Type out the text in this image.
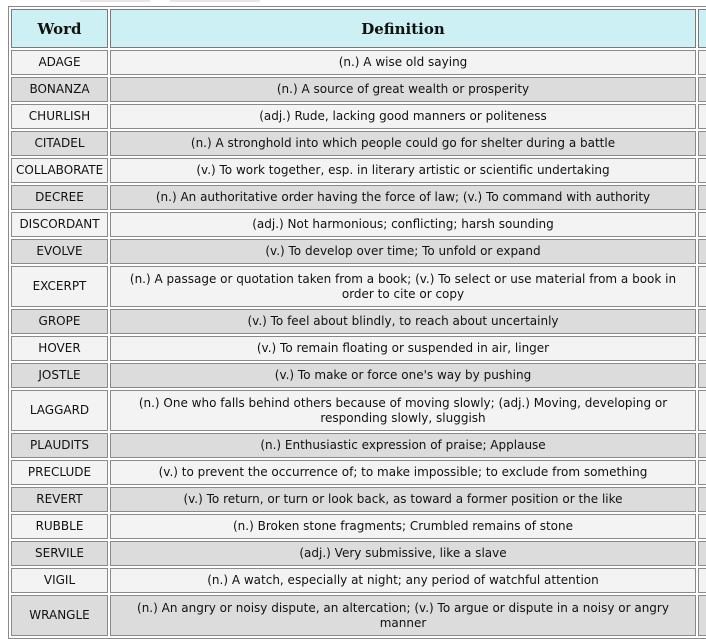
Word	Definition	
ADAGE	(n.) A wise old saying	
BONANZA	(n.) A source of great wealth or prosperity	
CHURLISH	(adj.) Rude, lacking good manners or politeness	
CITADEL	(n.) A stronghold into which people could go for shelter during a battle	
COLLABORATE	(v.) To work together, esp. in literary artistic or scientific undertaking	
DECREE	(n.) An authoritative order having the force of law; (v.) To command with authority	
DISCORDANT	(adj.) Not harmonious; conflicting; harsh sounding	
EVOLVE	(v.) To develop over time; To unfold or expand	
EXCERPT	(n.) A passage or quotation taken from a book; (v.) To select or use material from a book in order to cite or copy	
GROPE	(v.) To feel about blindly, to reach about uncertainly	
HOVER	(v.) To remain floating or suspended in air, linger	
JOSTLE	(v.) To make or force one's way by pushing	
LAGGARD	(n.) One who falls behind others because of moving slowly; (adj.) Moving, developing or responding slowly, sluggish	
PLAUDITS	(n.) Enthusiastic expression of praise; Applause	
PRECLUDE	(v.) to prevent the occurrence of; to make impossible; to exclude from something	
REVERT	(v.) To return, or turn or look back, as toward a former position or the like	
RUBBLE	(n.) Broken stone fragments; Crumbled remains of stone	
SERVILE	(adj.) Very submissive, like a slave	
VIGIL	(n.) A watch, especially at night; any period of watchful attention	
WRANGLE	(n.) An angry or noisy dispute, an altercation; (v.) To argue or dispute in a noisy or angry manner	
